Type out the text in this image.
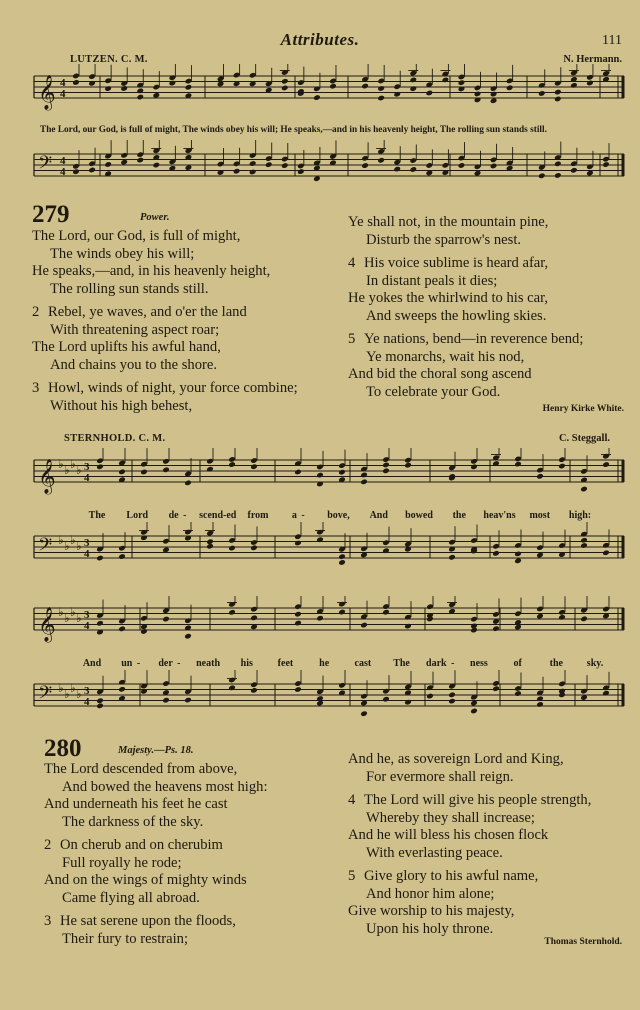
Attributes.	111
LUTZEN. C. M.	N. Hermann.
𝄞 4
4
The Lord, our God, is full of might, The winds obey his will; He speaks,—and in his heavenly height, The rolling sun stands still.
𝄢 4
4
279	Power.
The Lord, our God, is full of might,
The winds obey his will;
He speaks,—and, in his heavenly height,
The rolling sun stands still.
2 Rebel, ye waves, and o'er the land
With threatening aspect roar;
The Lord uplifts his awful hand,
And chains you to the shore.
3 Howl, winds of night, your force combine;
Without his high behest,
Ye shall not, in the mountain pine,
Disturb the sparrow's nest.
4 His voice sublime is heard afar,
In distant peals it dies;
He yokes the whirlwind to his car,
And sweeps the howling skies.
5 Ye nations, bend—in reverence bend;
Ye monarchs, wait his nod,
And bid the choral song ascend
To celebrate your God.
Henry Kirke White.
STERNHOLD. C. M.	C. Steggall.
𝄞 ♭ ♭ ♭ ♭ 3
4
The Lord de - scend-ed from a - bove, And bowed the heav'ns most high:
𝄢 ♭ ♭ ♭ ♭ 3
4
𝄞 ♭ ♭ ♭ ♭ 3
4
And un - der - neath his feet	he	cast The dark - ness	of	the sky.
𝄢 ♭ ♭ ♭ ♭ 3
4
280	Majesty.—Ps. 18.
The Lord descended from above,
And bowed the heavens most high:
And underneath his feet he cast
The darkness of the sky.
2 On cherub and on cherubim
Full royally he rode;
And on the wings of mighty winds
Came flying all abroad.
3 He sat serene upon the floods,
Their fury to restrain;
And he, as sovereign Lord and King,
For evermore shall reign.
4 The Lord will give his people strength,
Whereby they shall increase;
And he will bless his chosen flock
With everlasting peace.
5 Give glory to his awful name,
And honor him alone;
Give worship to his majesty,
Upon his holy throne.
Thomas Sternhold.
